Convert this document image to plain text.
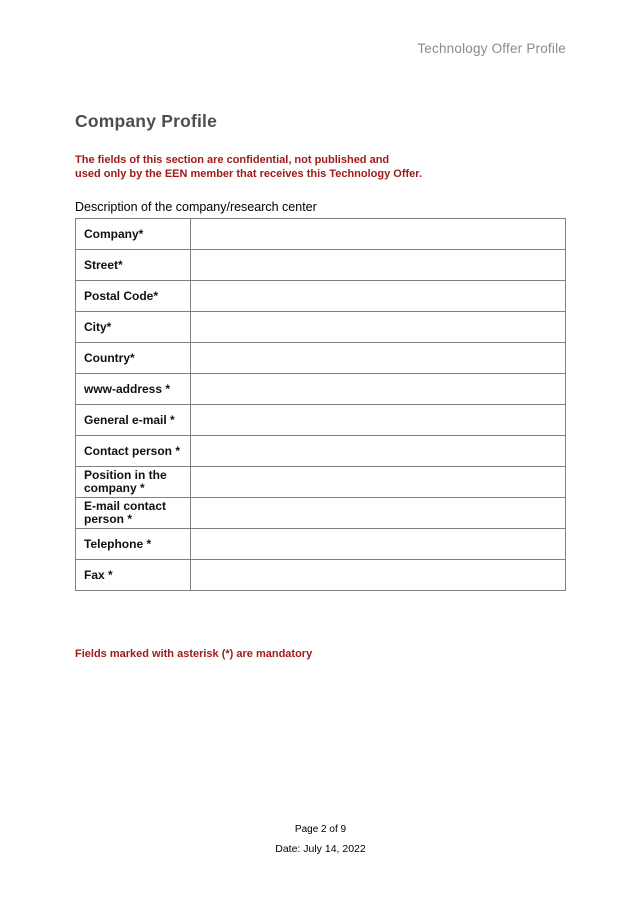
Technology Offer Profile
Company Profile
The fields of this section are confidential, not published and
used only by the EEN member that receives this Technology Offer.
Description of the company/research center
Company*	
Street*	
Postal Code*	
City*	
Country*	
www-address *	
General e-mail *	
Contact person *	
Position in the company *	
E-mail contact person *	
Telephone *	
Fax *	
Fields marked with asterisk (*) are mandatory
Page 2 of 9
Date: July 14, 2022
